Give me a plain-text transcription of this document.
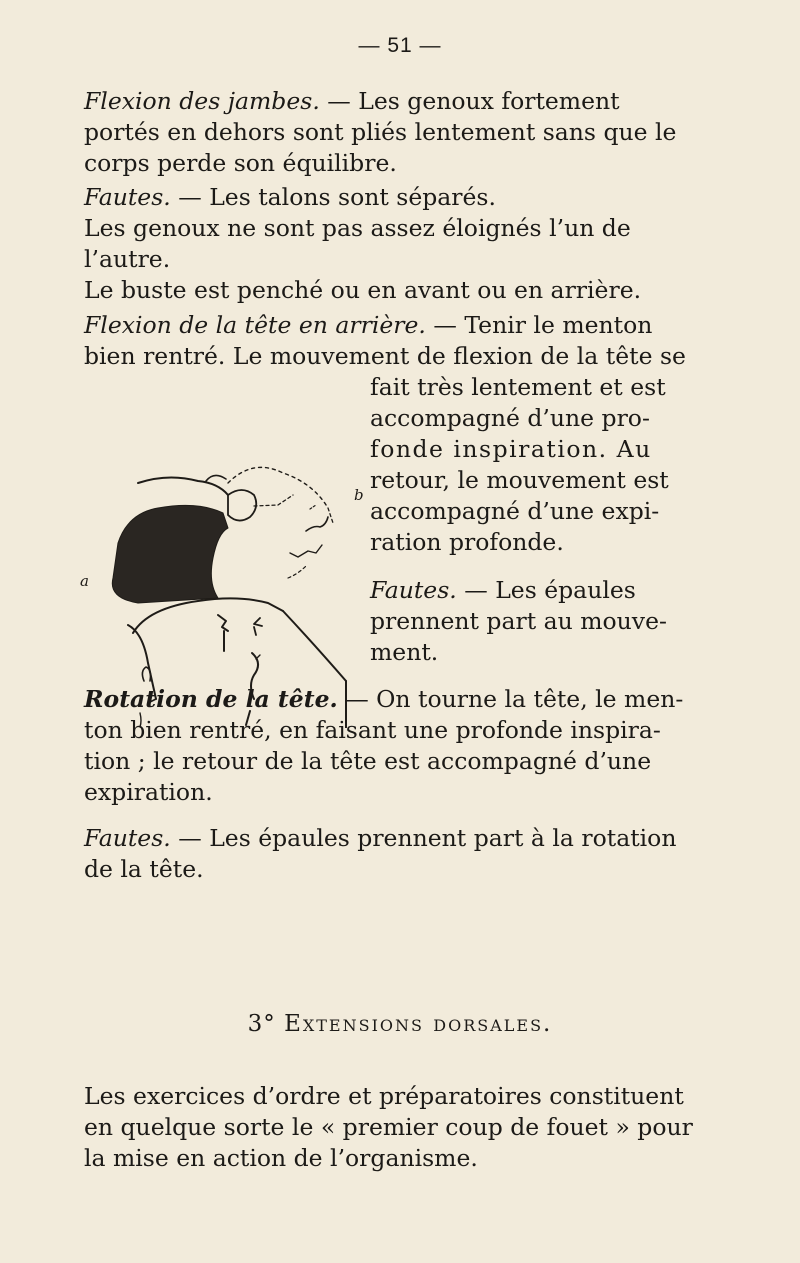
— 51 —
Flexion des jambes. — Les genoux fortement
portés en dehors sont pliés lentement sans que le
corps perde son équilibre.
Fautes. — Les talons sont séparés.
Les genoux ne sont pas assez éloignés l’un de
l’autre.
Le buste est penché ou en avant ou en arrière.
Flexion de la tête en arrière. — Tenir le menton
bien rentré. Le mouvement de flexion de la tête se
fait très lentement et est
accompagné d’une pro-
fonde inspiration. Au
retour, le mouvement est
accompagné d’une expi-
ration profonde.
Fautes. — Les épaules
prennent part au mouve-
ment.
a
b
Rotation de la tête. — On tourne la tête, le men-
ton bien rentré, en faisant une profonde inspira-
tion ; le retour de la tête est accompagné d’une
expiration.
Fautes. — Les épaules prennent part à la rotation
de la tête.
3° Extensions dorsales.
Les exercices d’ordre et préparatoires constituent
en quelque sorte le « premier coup de fouet » pour
la mise en action de l’organisme.
